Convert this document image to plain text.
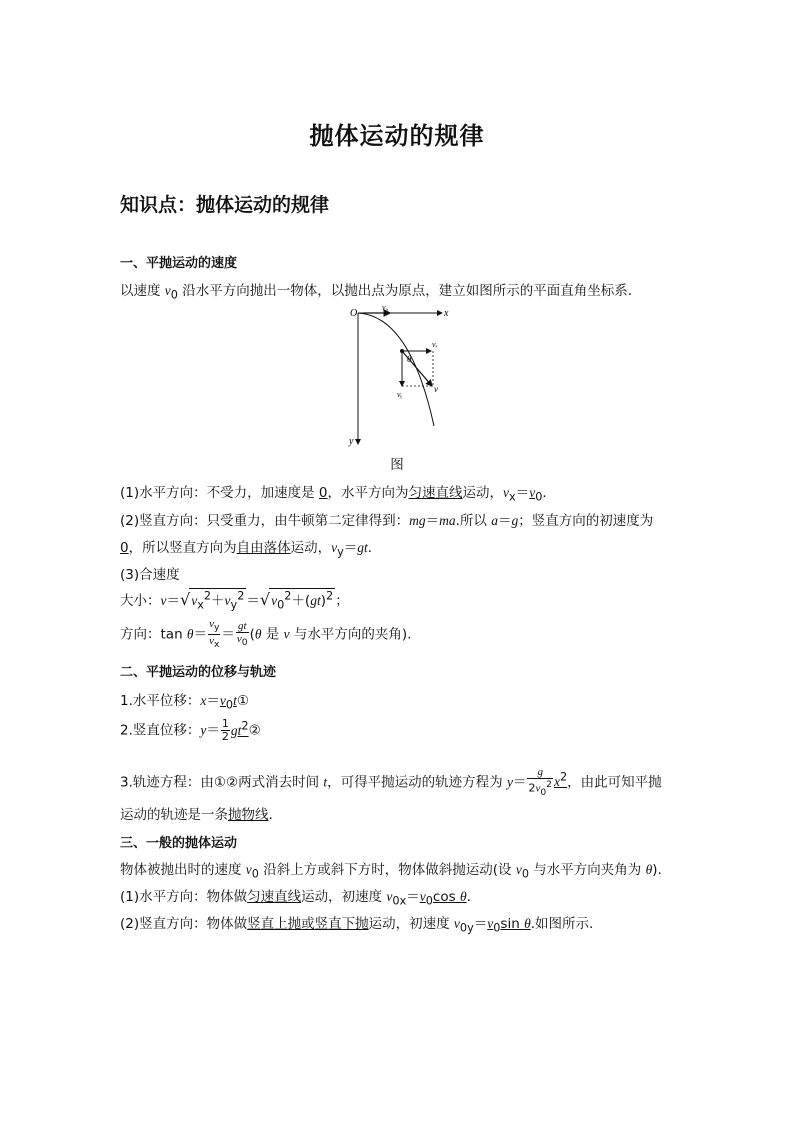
抛体运动的规律
知识点：抛体运动的规律
一、平抛运动的速度
以速度 $v_0$ 沿水平方向抛出一物体，以抛出点为原点，建立如图所示的平面直角坐标系.
O	x
y
v₀
vₓ
vᵧ
v
θ
图
(1)水平方向：不受力，加速度是 0，水平方向为匀速直线运动，$v_x=v_0$.
(2)竖直方向：只受重力，由牛顿第二定律得到：mg＝ma.所以 a＝g；竖直方向的初速度为
0，所以竖直方向为自由落体运动，$v_y=gt$.
(3)合速度
大小：$v=√v_x^2+v_y^2 =√v_0^2+(gt)^2$ ；
方向：$\tan \theta= \frac{v_y}{v_x} = \frac{gt}{v_0} (\theta$ 是 v 与水平方向的夹角).
二、平抛运动的位移与轨迹
1.水平位移：$x=v_0t①$
2.竖直位移：$y= \frac{1}{2}$ $gt^2②$
3.轨迹方程：由①②两式消去时间 t，可得平抛运动的轨迹方程为 $y= \frac{g}{2v_0^2} x^2$，由此可知平抛
运动的轨迹是一条抛物线.
三、一般的抛体运动
物体被抛出时的速度 $v_0$ 沿斜上方或斜下方时，物体做斜抛运动(设 $v_0$ 与水平方向夹角为 θ).
(1)水平方向：物体做匀速直线运动，初速度 $v_{0x}=v_0\cos$ θ.
(2)竖直方向：物体做竖直上抛或竖直下抛运动，初速度 $v_{0y}=v_0\sin$ θ.如图所示.
